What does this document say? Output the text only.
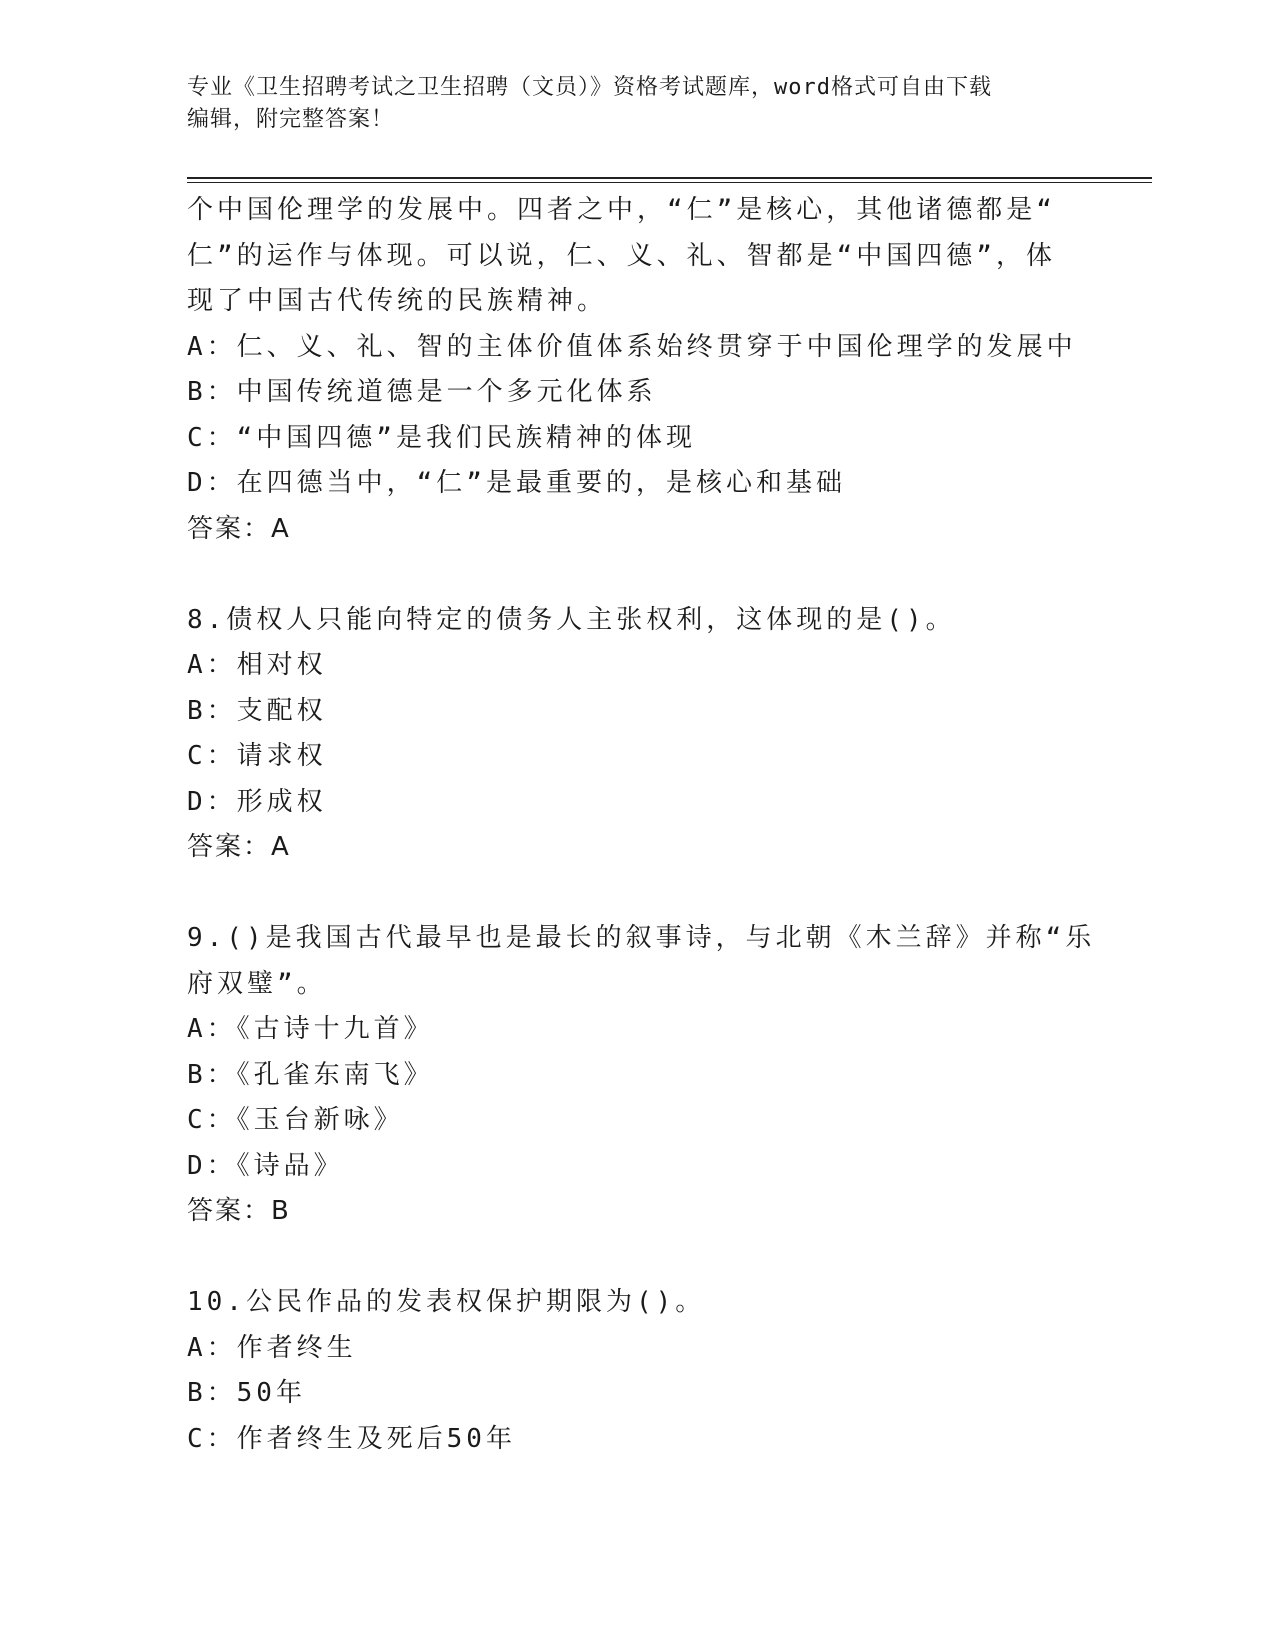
专业《卫生招聘考试之卫生招聘（文员）》资格考试题库，word格式可自由下载
编辑，附完整答案！
个中国伦理学的发展中。四者之中，“仁”是核心，其他诸德都是“
仁”的运作与体现。可以说，仁、义、礼、智都是“中国四德”，体
现了中国古代传统的民族精神。
A：仁、义、礼、智的主体价值体系始终贯穿于中国伦理学的发展中
B：中国传统道德是一个多元化体系
C：“中国四德”是我们民族精神的体现
D：在四德当中，“仁”是最重要的，是核心和基础
答案：A
8.债权人只能向特定的债务人主张权利，这体现的是()。
A：相对权
B：支配权
C：请求权
D：形成权
答案：A
9.()是我国古代最早也是最长的叙事诗，与北朝《木兰辞》并称“乐
府双璧”。
A：《古诗十九首》
B：《孔雀东南飞》
C：《玉台新咏》
D：《诗品》
答案：B
10.公民作品的发表权保护期限为()。
A：作者终生
B：50年
C：作者终生及死后50年
